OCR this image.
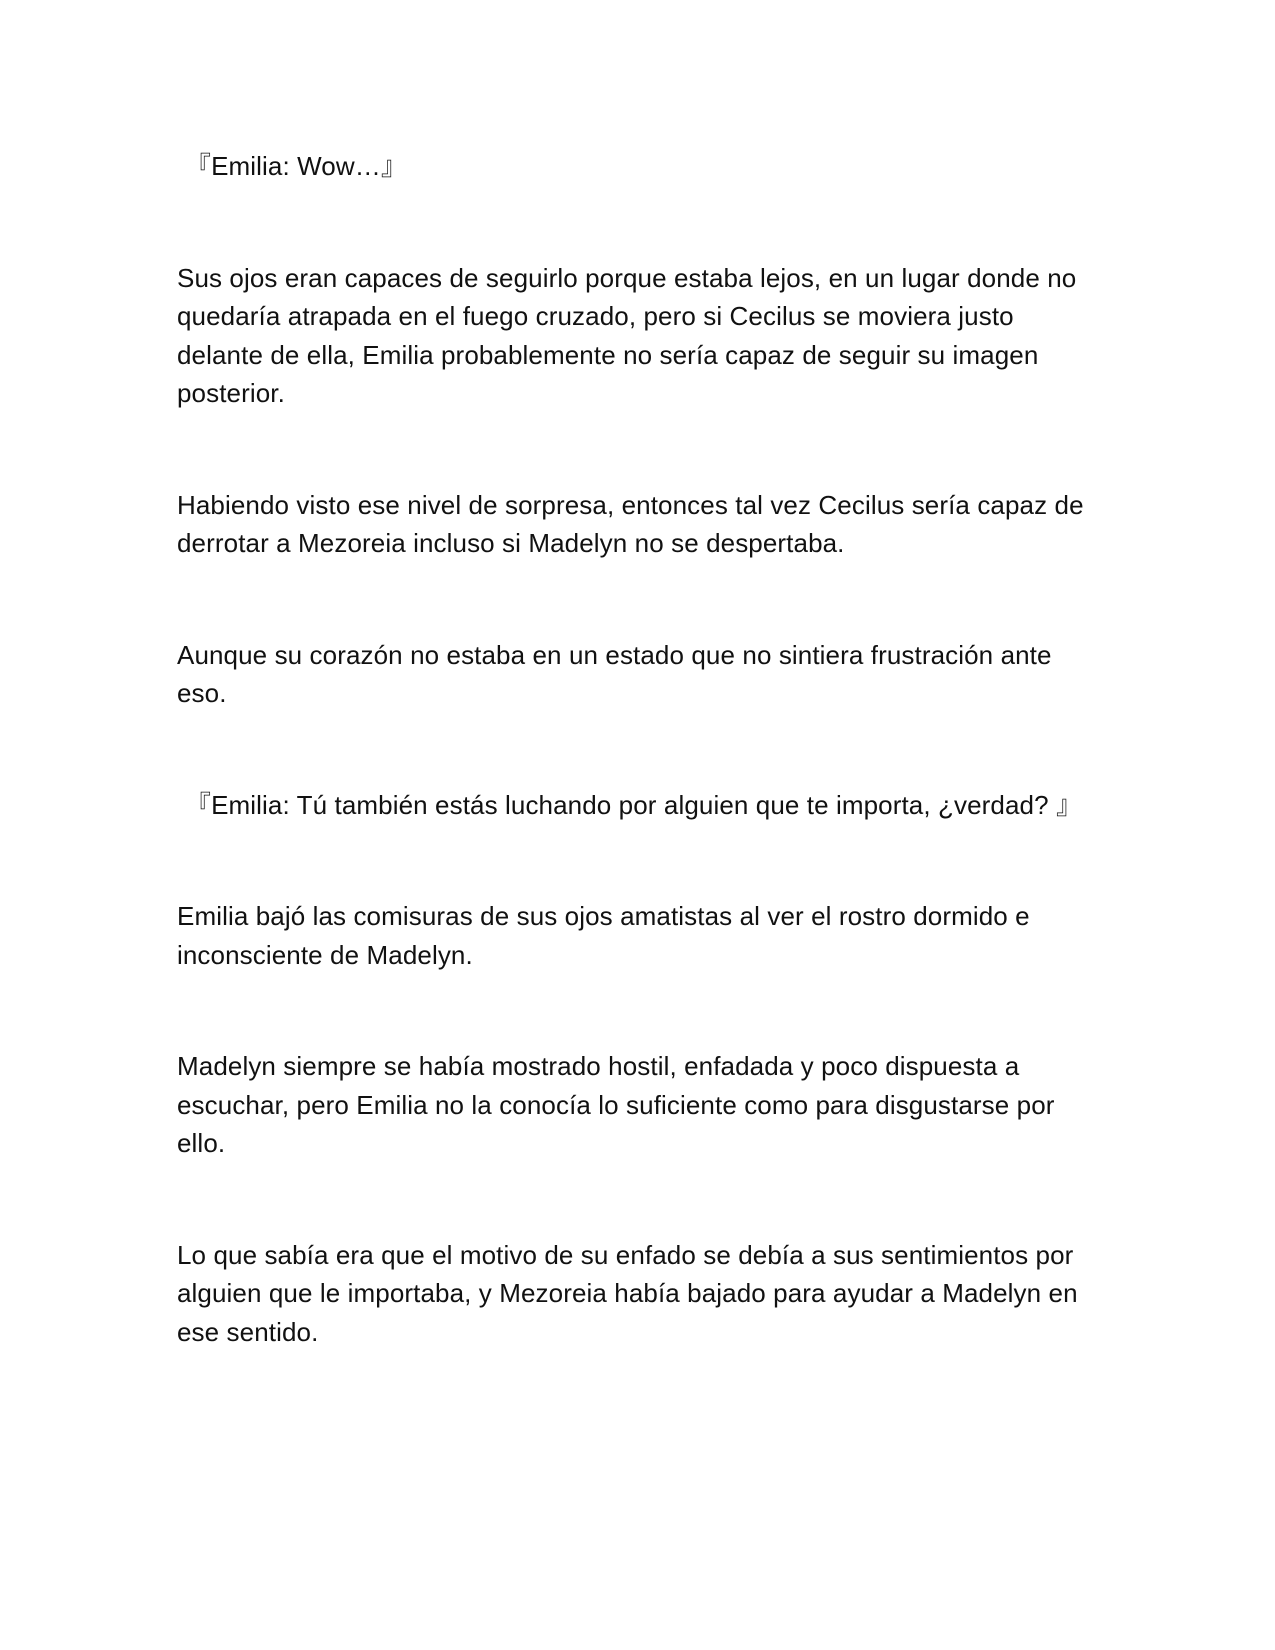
『Emilia: Wow…』

Sus ojos eran capaces de seguirlo porque estaba lejos, en un lugar donde no quedaría atrapada en el fuego cruzado, pero si Cecilus se moviera justo delante de ella, Emilia probablemente no sería capaz de seguir su imagen posterior.

Habiendo visto ese nivel de sorpresa, entonces tal vez Cecilus sería capaz de derrotar a Mezoreia incluso si Madelyn no se despertaba.

Aunque su corazón no estaba en un estado que no sintiera frustración ante eso.

『Emilia: Tú también estás luchando por alguien que te importa, ¿verdad? 』

Emilia bajó las comisuras de sus ojos amatistas al ver el rostro dormido e inconsciente de Madelyn.

Madelyn siempre se había mostrado hostil, enfadada y poco dispuesta a escuchar, pero Emilia no la conocía lo suficiente como para disgustarse por ello.

Lo que sabía era que el motivo de su enfado se debía a sus sentimientos por alguien que le importaba, y Mezoreia había bajado para ayudar a Madelyn en ese sentido.
